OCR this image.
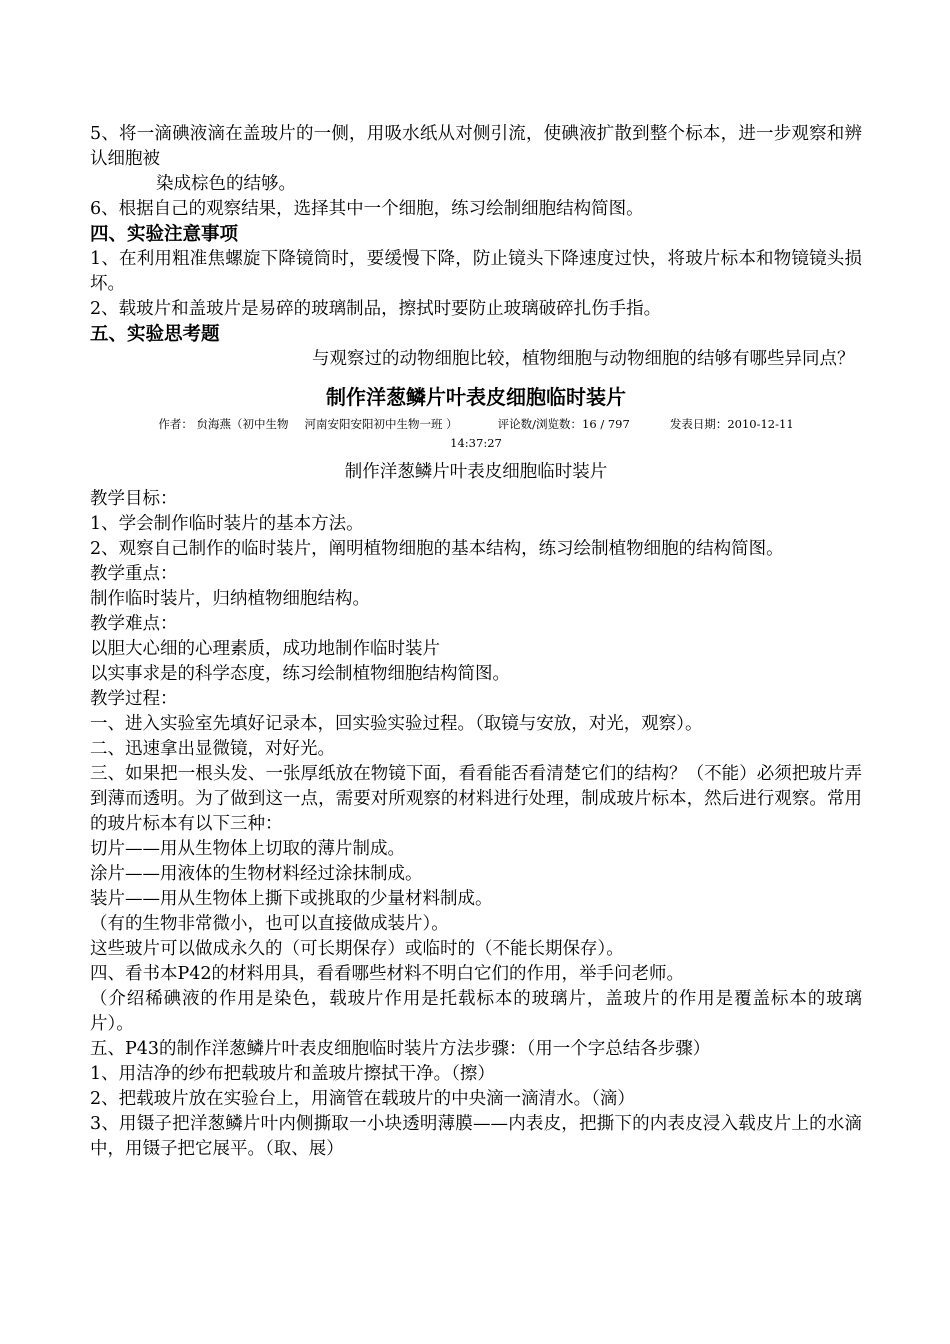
5、将一滴碘液滴在盖玻片的一侧，用吸水纸从对侧引流，使碘液扩散到整个标本，进一步观察和辨认细胞被

染成棕色的结够。

6、根据自己的观察结果，选择其中一个细胞，练习绘制细胞结构简图。

四、实验注意事项

1、在利用粗准焦螺旋下降镜筒时，要缓慢下降，防止镜头下降速度过快，将玻片标本和物镜镜头损坏。

2、载玻片和盖玻片是易碎的玻璃制品，擦拭时要防止玻璃破碎扎伤手指。

五、实验思考题

与观察过的动物细胞比较，植物细胞与动物细胞的结够有哪些异同点？

制作洋葱鳞片叶表皮细胞临时装片

作者： 贠海燕（初中生物 河南安阳安阳初中生物一班 ）	评论数/浏览数：16 / 797	发表日期：2010-12-11

14:37:27

制作洋葱鳞片叶表皮细胞临时装片

教学目标：

1、学会制作临时装片的基本方法。

2、观察自己制作的临时装片，阐明植物细胞的基本结构，练习绘制植物细胞的结构简图。

教学重点：

制作临时装片，归纳植物细胞结构。

教学难点：

以胆大心细的心理素质，成功地制作临时装片

以实事求是的科学态度，练习绘制植物细胞结构简图。

教学过程：

一、进入实验室先填好记录本，回实验实验过程。（取镜与安放，对光，观察）。

二、迅速拿出显微镜，对好光。

三、如果把一根头发、一张厚纸放在物镜下面，看看能否看清楚它们的结构？（不能）必须把玻片弄到薄而透明。为了做到这一点，需要对所观察的材料进行处理，制成玻片标本，然后进行观察。常用的玻片标本有以下三种：

切片——用从生物体上切取的薄片制成。

涂片——用液体的生物材料经过涂抹制成。

装片——用从生物体上撕下或挑取的少量材料制成。

（有的生物非常微小，也可以直接做成装片）。

这些玻片可以做成永久的（可长期保存）或临时的（不能长期保存）。

四、看书本P42的材料用具，看看哪些材料不明白它们的作用，举手问老师。

（介绍稀碘液的作用是染色，载玻片作用是托载标本的玻璃片，盖玻片的作用是覆盖标本的玻璃片）。

五、P43的制作洋葱鳞片叶表皮细胞临时装片方法步骤：（用一个字总结各步骤）

1、用洁净的纱布把载玻片和盖玻片擦拭干净。（擦）

2、把载玻片放在实验台上，用滴管在载玻片的中央滴一滴清水。（滴）

3、用镊子把洋葱鳞片叶内侧撕取一小块透明薄膜——内表皮，把撕下的内表皮浸入载皮片上的水滴中，用镊子把它展平。（取、展）
